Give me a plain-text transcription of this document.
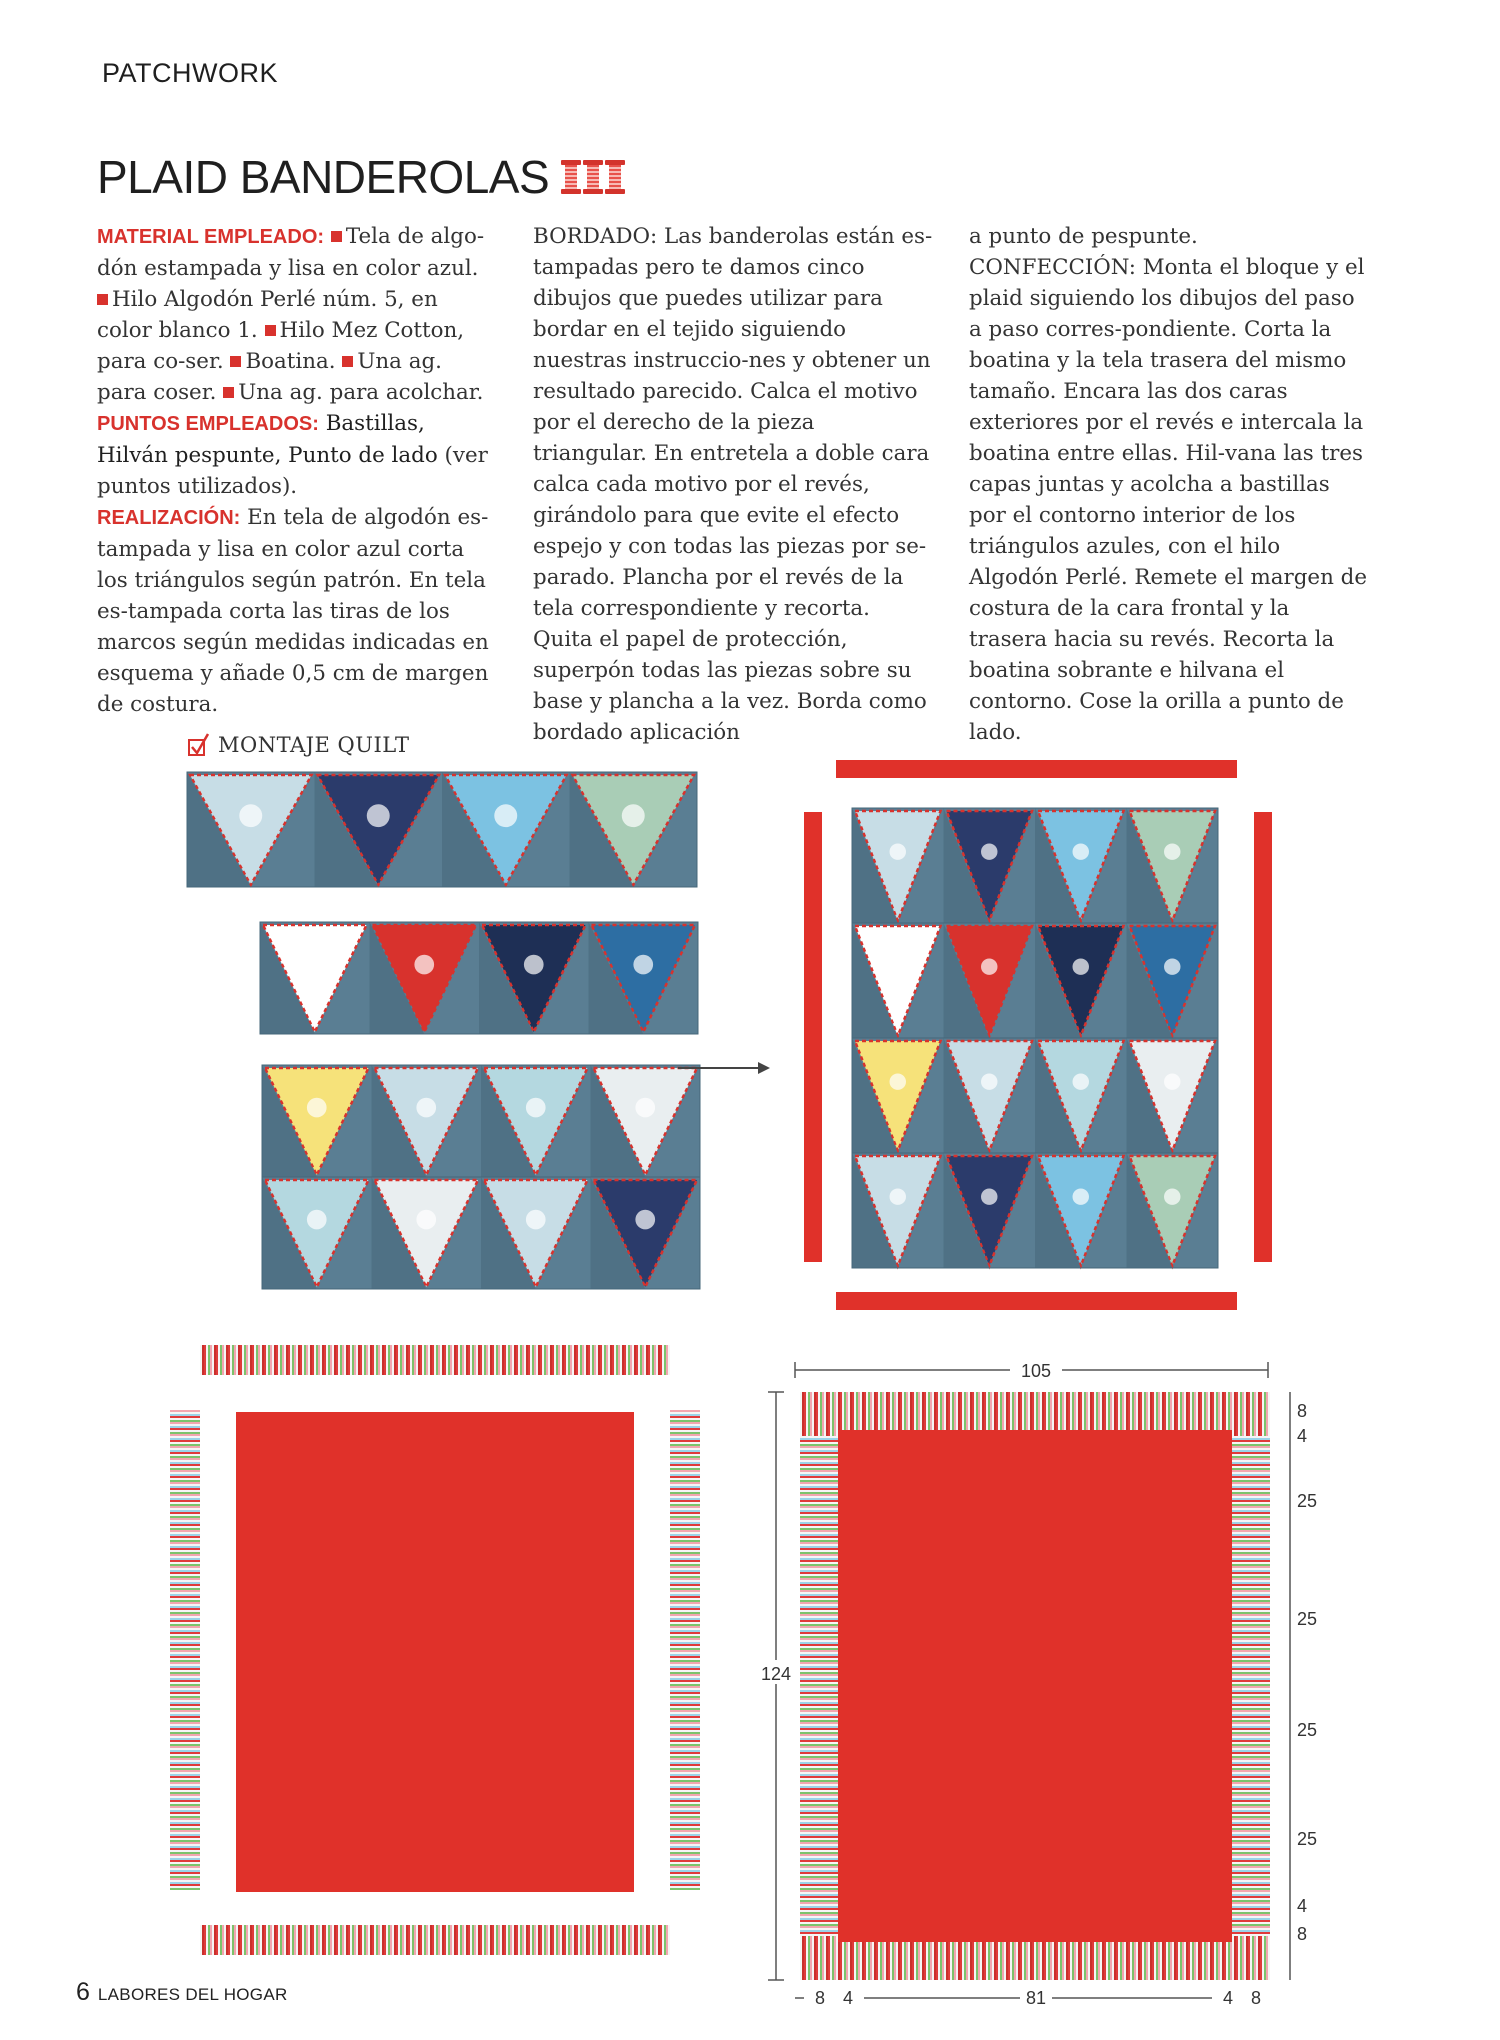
PATCHWORK
PLAID BANDEROLAS

MATERIAL EMPLEADO: Tela de algo-dón estampada y lisa en color azul. Hilo Algodón Perlé núm. 5, en color blanco 1. Hilo Mez Cotton, para co-ser. Boatina. Una ag. para coser. Una ag. para acolchar.
PUNTOS EMPLEADOS: Bastillas, Hilván pespunte, Punto de lado (ver puntos utilizados).
REALIZACIÓN: En tela de algodón es-tampada y lisa en color azul corta los triángulos según patrón. En tela es-tampada corta las tiras de los marcos según medidas indicadas en esquema y añade 0,5 cm de margen de costura.

BORDADO: Las banderolas están es-tampadas pero te damos cinco dibujos que puedes utilizar para bordar en el tejido siguiendo nuestras instruccio-nes y obtener un resultado parecido. Calca el motivo por el derecho de la pieza triangular. En entretela a doble cara calca cada motivo por el revés, girándolo para que evite el efecto espejo y con todas las piezas por se-parado. Plancha por el revés de la tela correspondiente y recorta. Quita el papel de protección, superpón todas las piezas sobre su base y plancha a la vez. Borda como bordado aplicación

a punto de pespunte. CONFECCIÓN: Monta el bloque y el plaid siguiendo los dibujos del paso a paso corres-pondiente. Corta la boatina y la tela trasera del mismo tamaño. Encara las dos caras exteriores por el revés e intercala la boatina entre ellas. Hil-vana las tres capas juntas y acolcha a bastillas por el contorno interior de los triángulos azules, con el hilo Algodón Perlé. Remete el margen de costura de la cara frontal y la trasera hacia su revés. Recorta la boatina sobrante e hilvana el contorno. Cose la orilla a punto de lado.

MONTAJE QUILT
105
124
8
4
25
25
25
25
4
8
8 4	81	4 8
6 LABORES DEL HOGAR
